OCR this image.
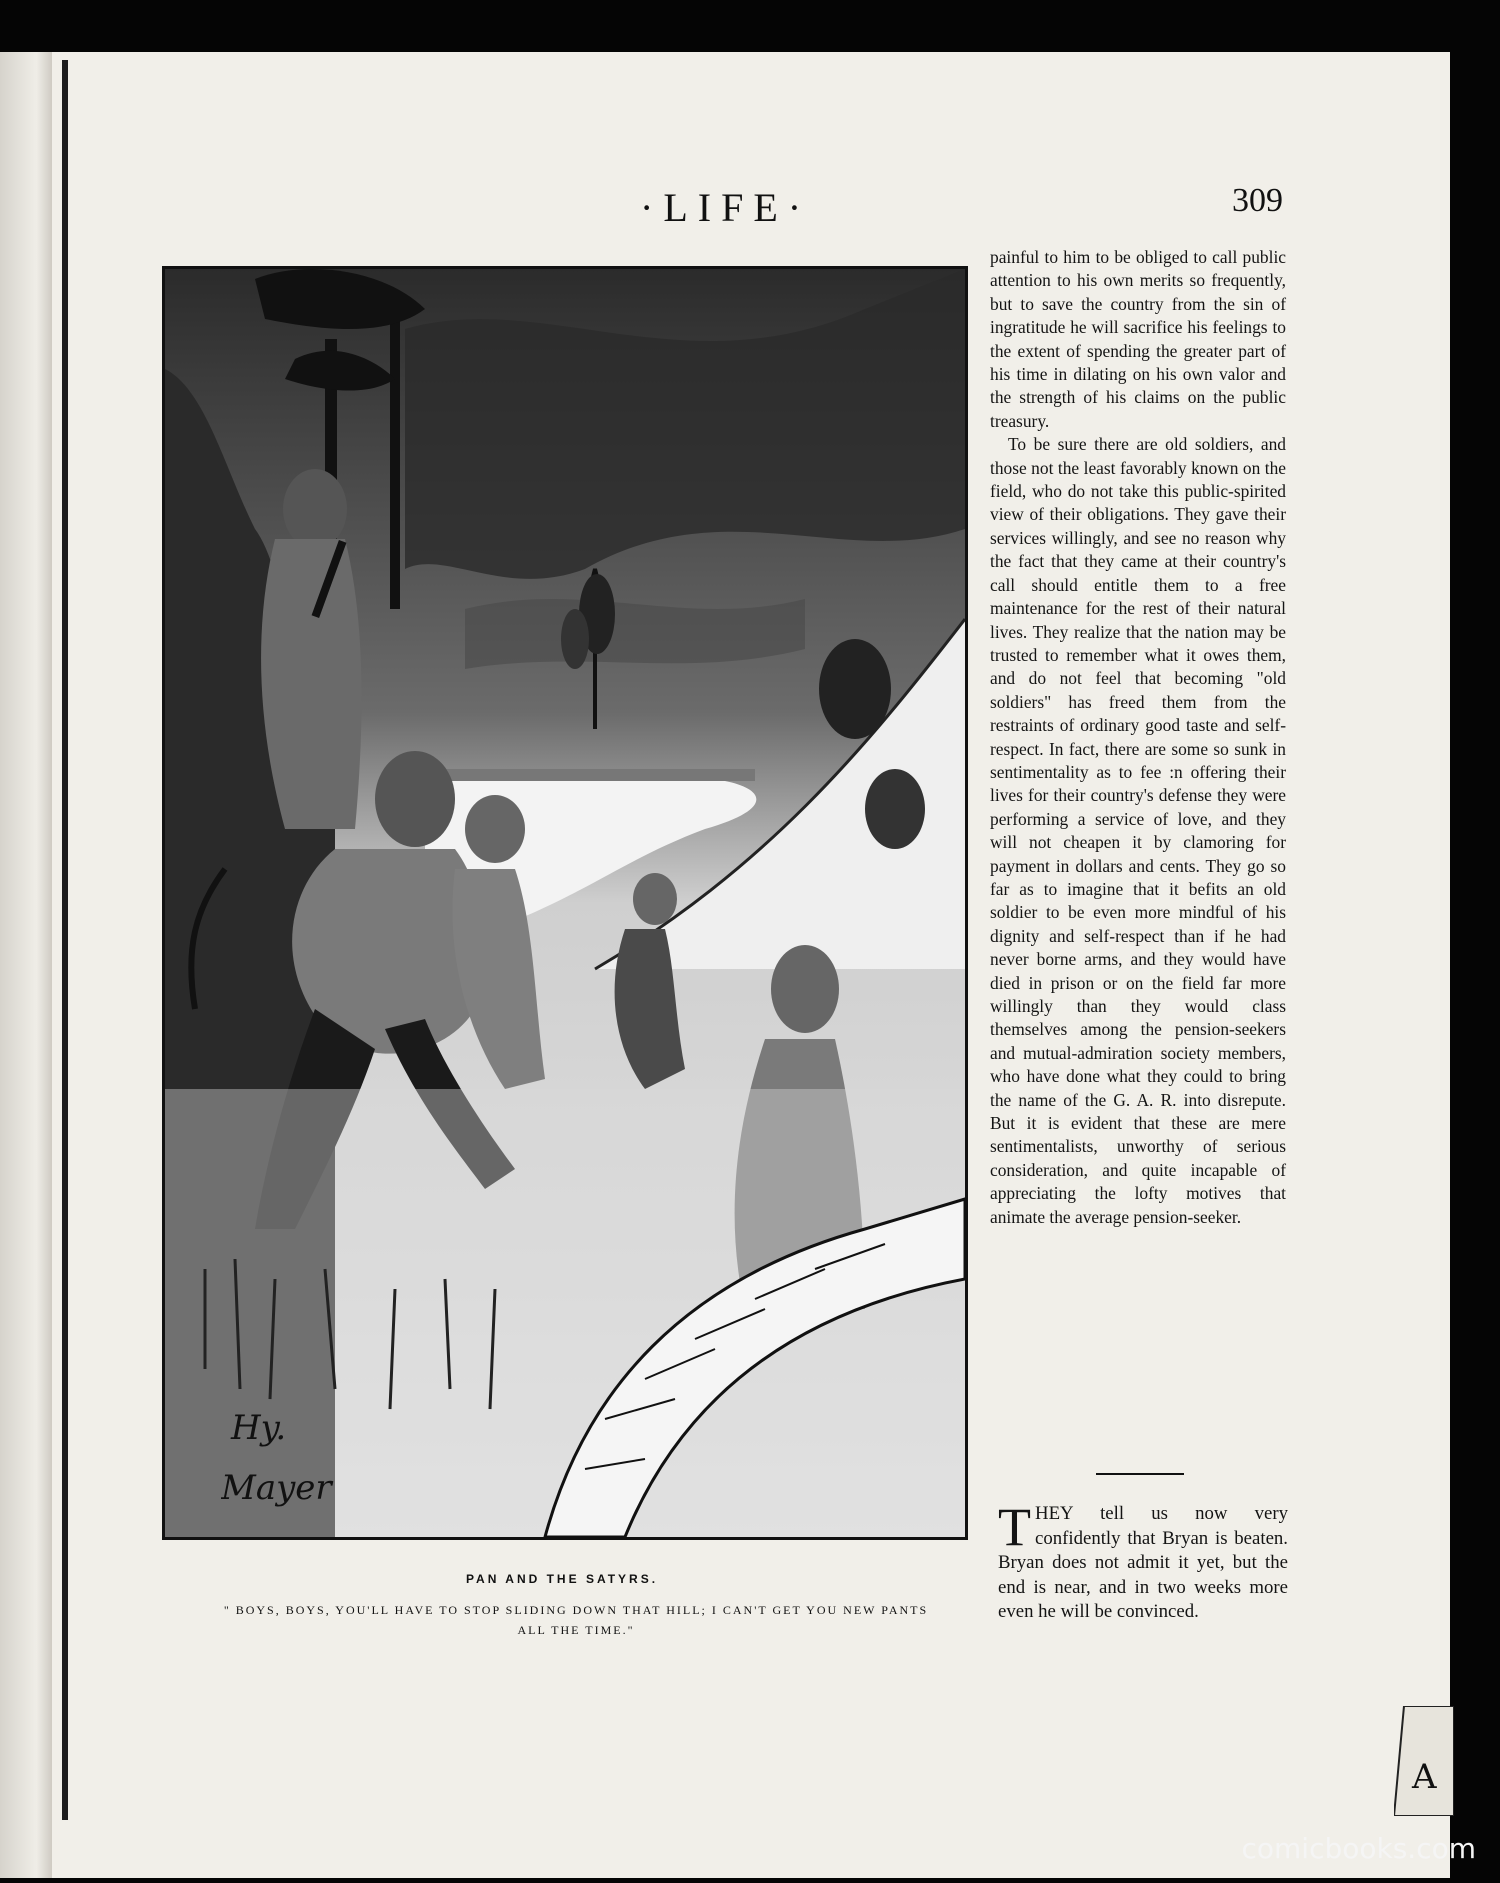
·LIFE·	309
Hy.
Mayer
PAN AND THE SATYRS.
" BOYS, BOYS, YOU'LL HAVE TO STOP SLIDING DOWN THAT HILL; I CAN'T GET YOU NEW PANTS ALL THE TIME."

painful to him to be obliged to call public attention to his own merits so frequently, but to save the country from the sin of ingratitude he will sacrifice his feelings to the extent of spending the greater part of his time in dilating on his own valor and the strength of his claims on the public treasury.

To be sure there are old soldiers, and those not the least favorably known on the field, who do not take this public-spirited view of their obligations. They gave their services willingly, and see no reason why the fact that they came at their country's call should entitle them to a free maintenance for the rest of their natural lives. They realize that the nation may be trusted to remember what it owes them, and do not feel that becoming "old soldiers" has freed them from the restraints of ordinary good taste and self-respect. In fact, there are some so sunk in sentimentality as to fee :n offering their lives for their country's defense they were performing a service of love, and they will not cheapen it by clamoring for payment in dollars and cents. They go so far as to imagine that it befits an old soldier to be even more mindful of his dignity and self-respect than if he had never borne arms, and they would have died in prison or on the field far more willingly than they would class themselves among the pension-seekers and mutual-admiration society members, who have done what they could to bring the name of the G. A. R. into disrepute. But it is evident that these are mere sentimentalists, unworthy of serious consideration, and quite incapable of appreciating the lofty motives that animate the average pension-seeker.

T HEY tell us now very confidently that Bryan is beaten. Bryan does not admit it yet, but the end is near, and in two weeks more even he will be convinced.
A
comicbooks.com
